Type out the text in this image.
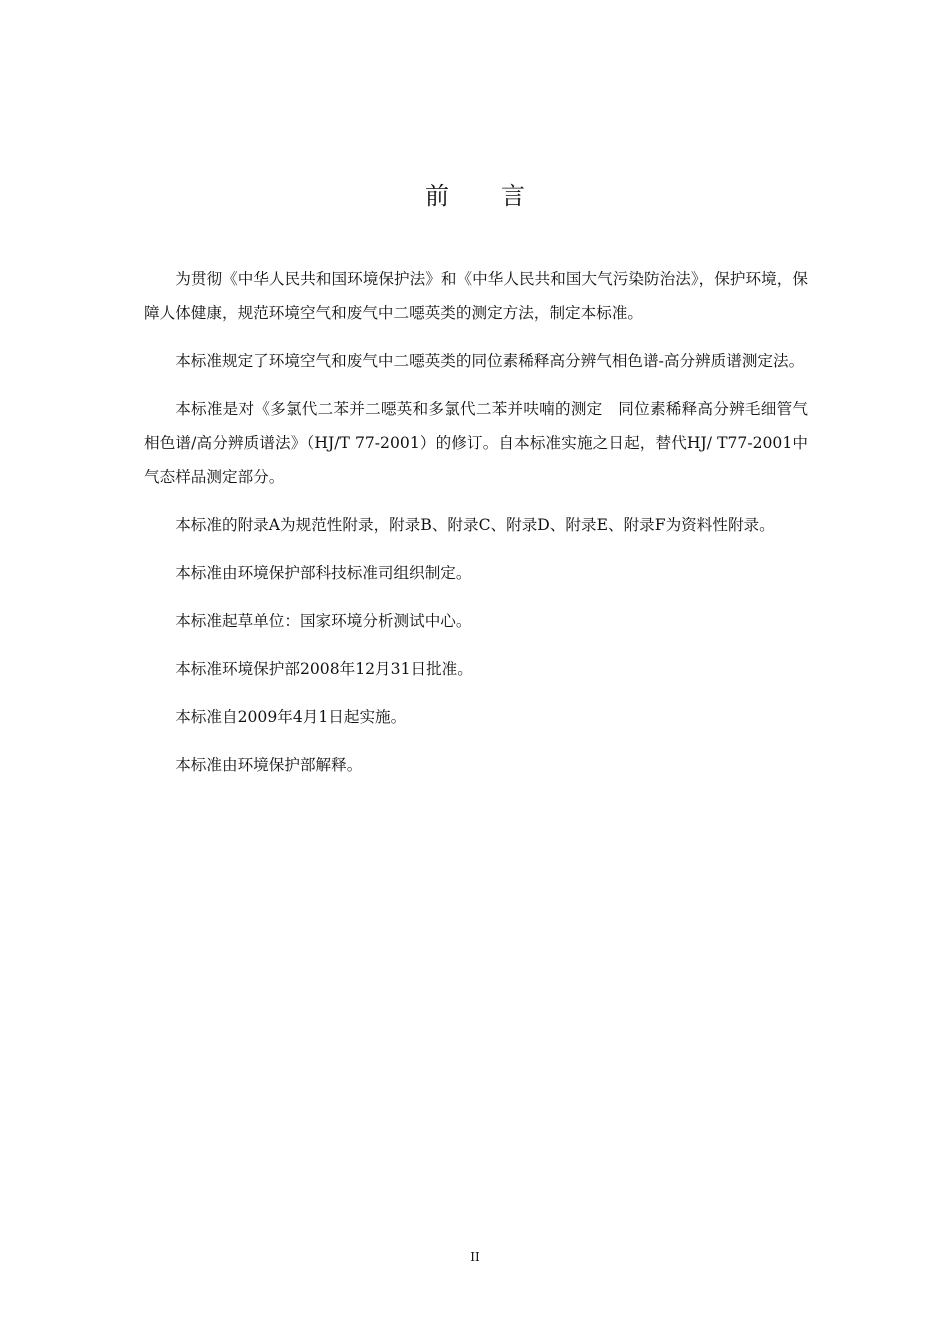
前 言

为贯彻《中华人民共和国环境保护法》和《中华人民共和国大气污染防治法》，保护环境，保障人体健康，规范环境空气和废气中二噁英类的测定方法，制定本标准。

本标准规定了环境空气和废气中二噁英类的同位素稀释高分辨气相色谱-高分辨质谱测定法。

本标准是对《多氯代二苯并二噁英和多氯代二苯并呋喃的测定　同位素稀释高分辨毛细管气相色谱/高分辨质谱法》（HJ/T 77-2001）的修订。自本标准实施之日起，替代HJ/ T77-2001中气态样品测定部分。

本标准的附录A为规范性附录，附录B、附录C、附录D、附录E、附录F为资料性附录。

本标准由环境保护部科技标准司组织制定。

本标准起草单位：国家环境分析测试中心。

本标准环境保护部2008年12月31日批准。

本标准自2009年4月1日起实施。

本标准由环境保护部解释。

II
